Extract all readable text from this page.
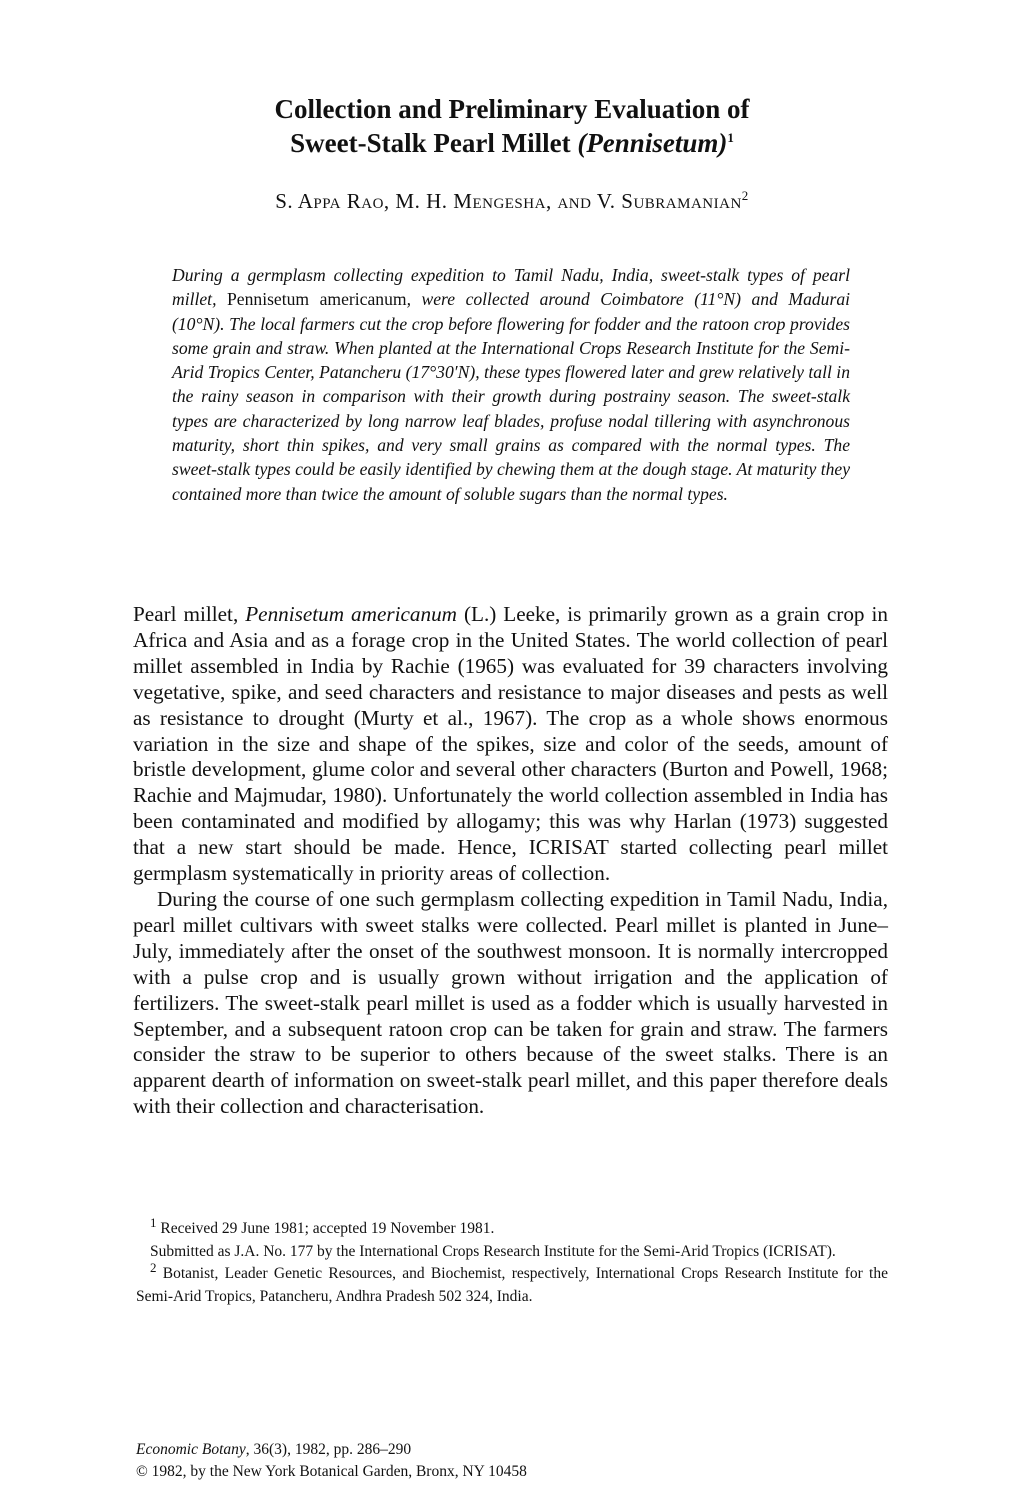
Collection and Preliminary Evaluation of
Sweet-Stalk Pearl Millet (Pennisetum)$^1$
S. Appa Rao, M. H. Mengesha, and V. Subramanian$^2$

During a germplasm collecting expedition to Tamil Nadu, India, sweet-stalk types of pearl millet, Pennisetum americanum, were collected around Coimbatore (11°N) and Madurai (10°N). The local farmers cut the crop before flowering for fodder and the ratoon crop provides some grain and straw. When planted at the International Crops Research Institute for the Semi-Arid Tropics Center, Patancheru (17°30′N), these types flowered later and grew relatively tall in the rainy season in comparison with their growth during postrainy season. The sweet-stalk types are characterized by long narrow leaf blades, profuse nodal tillering with asynchronous maturity, short thin spikes, and very small grains as compared with the normal types. The sweet-stalk types could be easily identified by chewing them at the dough stage. At maturity they contained more than twice the amount of soluble sugars than the normal types.

Pearl millet, Pennisetum americanum (L.) Leeke, is primarily grown as a grain crop in Africa and Asia and as a forage crop in the United States. The world collection of pearl millet assembled in India by Rachie (1965) was evaluated for 39 characters involving vegetative, spike, and seed characters and resistance to major diseases and pests as well as resistance to drought (Murty et al., 1967). The crop as a whole shows enormous variation in the size and shape of the spikes, size and color of the seeds, amount of bristle development, glume color and several other characters (Burton and Powell, 1968; Rachie and Majmudar, 1980). Unfortunately the world collection assembled in India has been contaminated and modified by allogamy; this was why Harlan (1973) suggested that a new start should be made. Hence, ICRISAT started collecting pearl millet germplasm systematically in priority areas of collection.

During the course of one such germplasm collecting expedition in Tamil Nadu, India, pearl millet cultivars with sweet stalks were collected. Pearl millet is planted in June–July, immediately after the onset of the southwest monsoon. It is normally intercropped with a pulse crop and is usually grown without irrigation and the application of fertilizers. The sweet-stalk pearl millet is used as a fodder which is usually harvested in September, and a subsequent ratoon crop can be taken for grain and straw. The farmers consider the straw to be superior to others because of the sweet stalks. There is an apparent dearth of information on sweet-stalk pearl millet, and this paper therefore deals with their collection and characterisation.

$^1$ Received 29 June 1981; accepted 19 November 1981.

Submitted as J.A. No. 177 by the International Crops Research Institute for the Semi-Arid Tropics (ICRISAT).

$^2$ Botanist, Leader Genetic Resources, and Biochemist, respectively, International Crops Research Institute for the Semi-Arid Tropics, Patancheru, Andhra Pradesh 502 324, India.

Economic Botany, 36(3), 1982, pp. 286–290

© 1982, by the New York Botanical Garden, Bronx, NY 10458
